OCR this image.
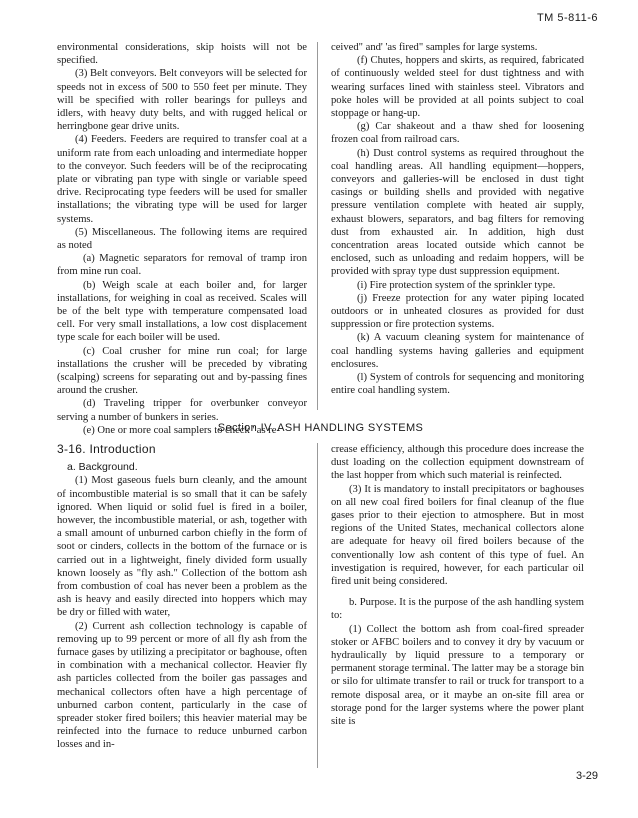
TM 5-811-6

environmental considerations, skip hoists will not be specified.

(3) Belt conveyors. Belt conveyors will be selected for speeds not in excess of 500 to 550 feet per minute. They will be specified with roller bearings for pulleys and idlers, with heavy duty belts, and with rugged helical or herringbone gear drive units.

(4) Feeders. Feeders are required to transfer coal at a uniform rate from each unloading and intermediate hopper to the conveyor. Such feeders will be of the reciprocating plate or vibrating pan type with single or variable speed drive. Reciprocating type feeders will be used for smaller installations; the vibrating type will be used for larger systems.

(5) Miscellaneous. The following items are required as noted

(a) Magnetic separators for removal of tramp iron from mine run coal.

(b) Weigh scale at each boiler and, for larger installations, for weighing in coal as received. Scales will be of the belt type with temperature compensated load cell. For very small installations, a low cost displacement type scale for each boiler will be used.

(c) Coal crusher for mine run coal; for large installations the crusher will be preceded by vibrating (scalping) screens for separating out and by-passing fines around the crusher.

(d) Traveling tripper for overbunker conveyor serving a number of bunkers in series.

(e) One or more coal samplers to check "as re-

ceived" and' 'as fired" samples for large systems.

(f) Chutes, hoppers and skirts, as required, fabricated of continuously welded steel for dust tightness and with wearing surfaces lined with stainless steel. Vibrators and poke holes will be provided at all points subject to coal stoppage or hang-up.

(g) Car shakeout and a thaw shed for loosening frozen coal from railroad cars.

(h) Dust control systems as required throughout the coal handling areas. All handling equipment—hoppers, conveyors and galleries-will be enclosed in dust tight casings or building shells and provided with negative pressure ventilation complete with heated air supply, exhaust blowers, separators, and bag filters for removing dust from exhausted air. In addition, high dust concentration areas located outside which cannot be enclosed, such as unloading and redaim hoppers, will be provided with spray type dust suppression equipment.

(i) Fire protection system of the sprinkler type.

(j) Freeze protection for any water piping located outdoors or in unheated closures as provided for dust suppression or fire protection systems.

(k) A vacuum cleaning system for maintenance of coal handling systems having galleries and equipment enclosures.

(l) System of controls for sequencing and monitoring entire coal handling system.

Section IV. ASH HANDLING SYSTEMS
3-16. Introduction
a. Background.

(1) Most gaseous fuels burn cleanly, and the amount of incombustible material is so small that it can be safely ignored. When liquid or solid fuel is fired in a boiler, however, the incombustible material, or ash, together with a small amount of unburned carbon chiefly in the form of soot or cinders, collects in the bottom of the furnace or is carried out in a lightweight, finely divided form usually known loosely as "fly ash." Collection of the bottom ash from combustion of coal has never been a problem as the ash is heavy and easily directed into hoppers which may be dry or filled with water,

(2) Current ash collection technology is capable of removing up to 99 percent or more of all fly ash from the furnace gases by utilizing a precipitator or baghouse, often in combination with a mechanical collector. Heavier fly ash particles collected from the boiler gas passages and mechanical collectors often have a high percentage of unburned carbon content, particularly in the case of spreader stoker fired boilers; this heavier material may be reinfected into the furnace to reduce unburned carbon losses and in-

crease efficiency, although this procedure does increase the dust loading on the collection equipment downstream of the last hopper from which such material is reinfected.

(3) It is mandatory to install precipitators or baghouses on all new coal fired boilers for final cleanup of the flue gases prior to their ejection to atmosphere. But in most regions of the United States, mechanical collectors alone are adequate for heavy oil fired boilers because of the conventionally low ash content of this type of fuel. An investigation is required, however, for each particular oil fired unit being considered.

b. Purpose. It is the purpose of the ash handling system to:

(1) Collect the bottom ash from coal-fired spreader stoker or AFBC boilers and to convey it dry by vacuum or hydraulically by liquid pressure to a temporary or permanent storage terminal. The latter may be a storage bin or silo for ultimate transfer to rail or truck for transport to a remote disposal area, or it maybe an on-site fill area or storage pond for the larger systems where the power plant site is

3-29
